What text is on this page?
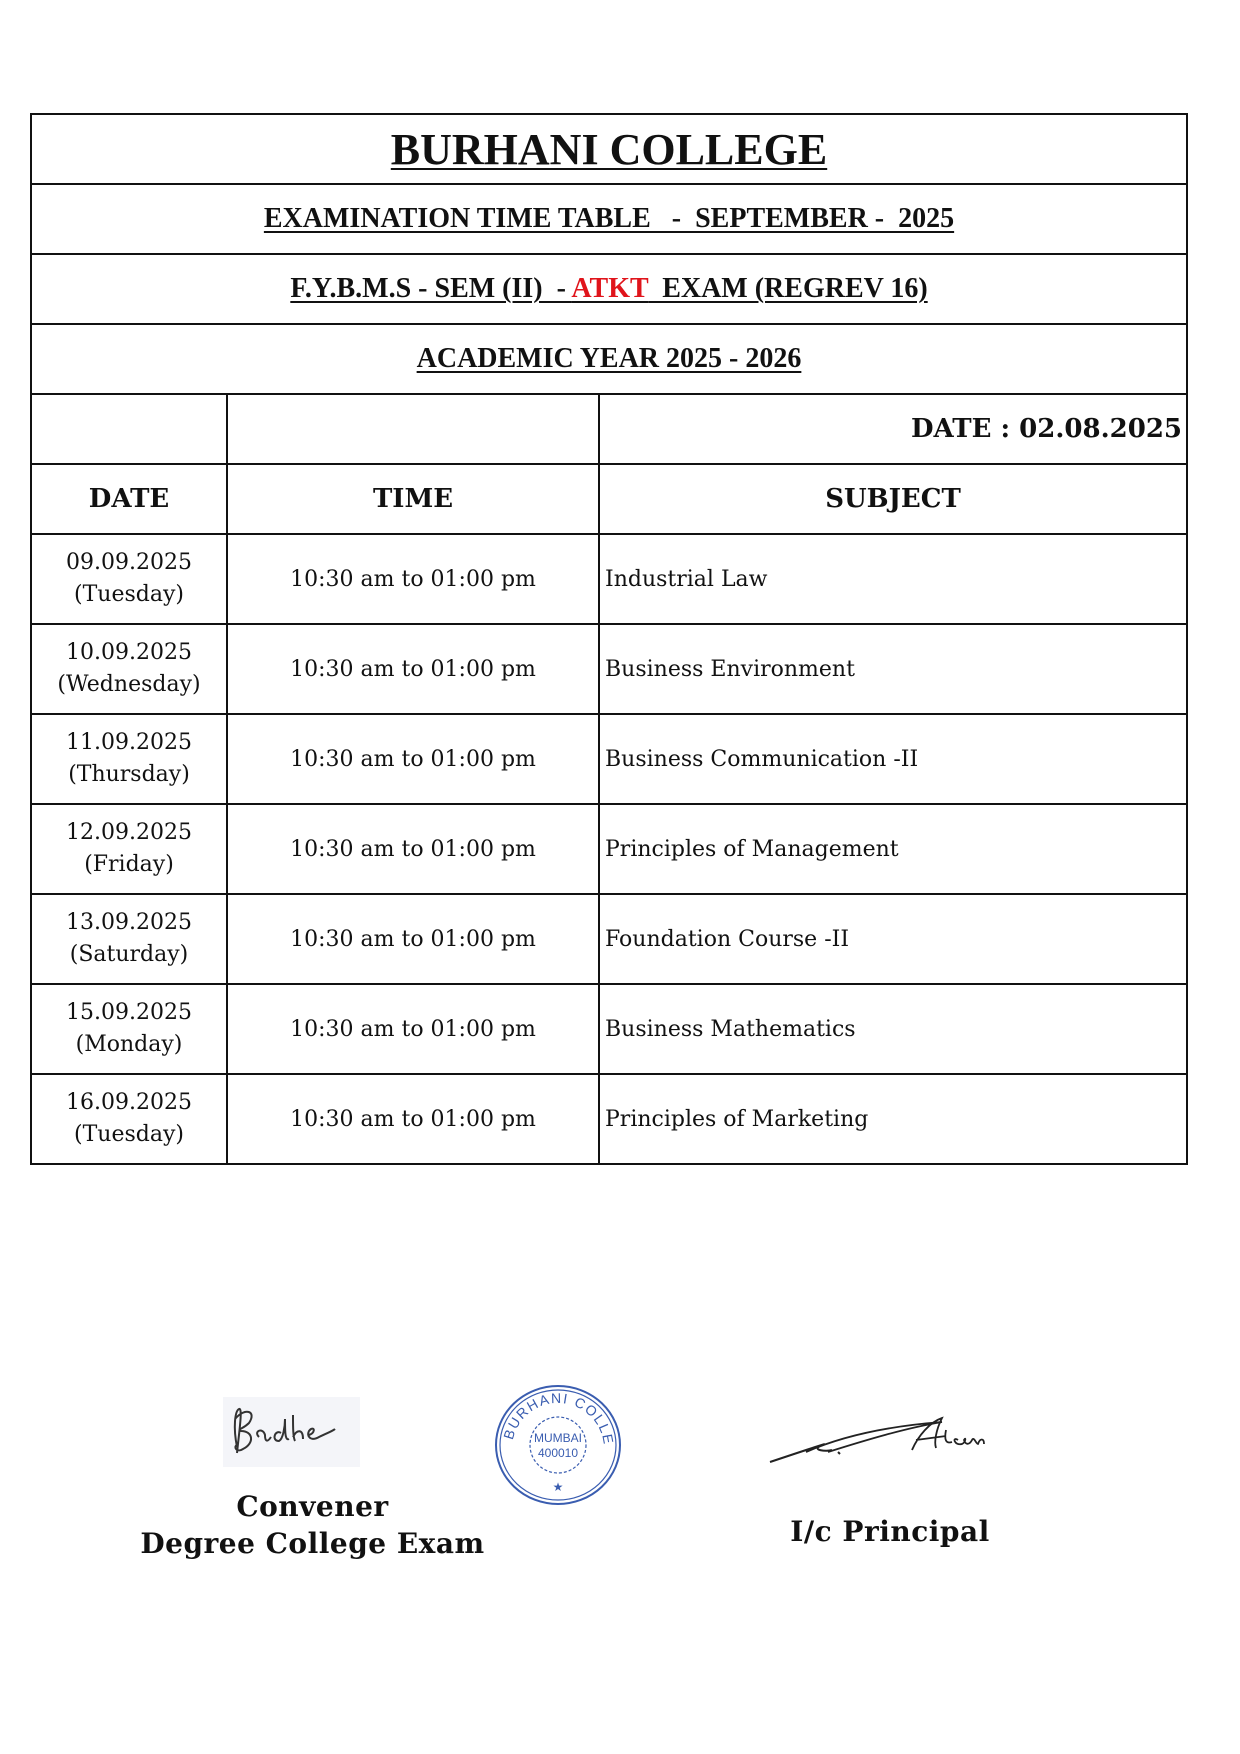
BURHANI COLLEGE		
EXAMINATION TIME TABLE   -  SEPTEMBER -  2025		
F.Y.B.M.S - SEM (II)  - ATKT  EXAM (REGREV 16)		
ACADEMIC YEAR 2025 - 2026		
		DATE : 02.08.2025
DATE	TIME	SUBJECT

09.09.2025
(Tuesday)	10:30 am to 01:00 pm	Industrial Law

10.09.2025
(Wednesday)	10:30 am to 01:00 pm	Business Environment

11.09.2025
(Thursday)	10:30 am to 01:00 pm	Business Communication -II

12.09.2025
(Friday)	10:30 am to 01:00 pm	Principles of Management

13.09.2025
(Saturday)	10:30 am to 01:00 pm	Foundation Course -II

15.09.2025
(Monday)	10:30 am to 01:00 pm	Business Mathematics

16.09.2025
(Tuesday)	10:30 am to 01:00 pm	Principles of Marketing
BURHANI COLLE
MUMBAI
400010
★
Convener
Degree College Exam	I/c Principal
